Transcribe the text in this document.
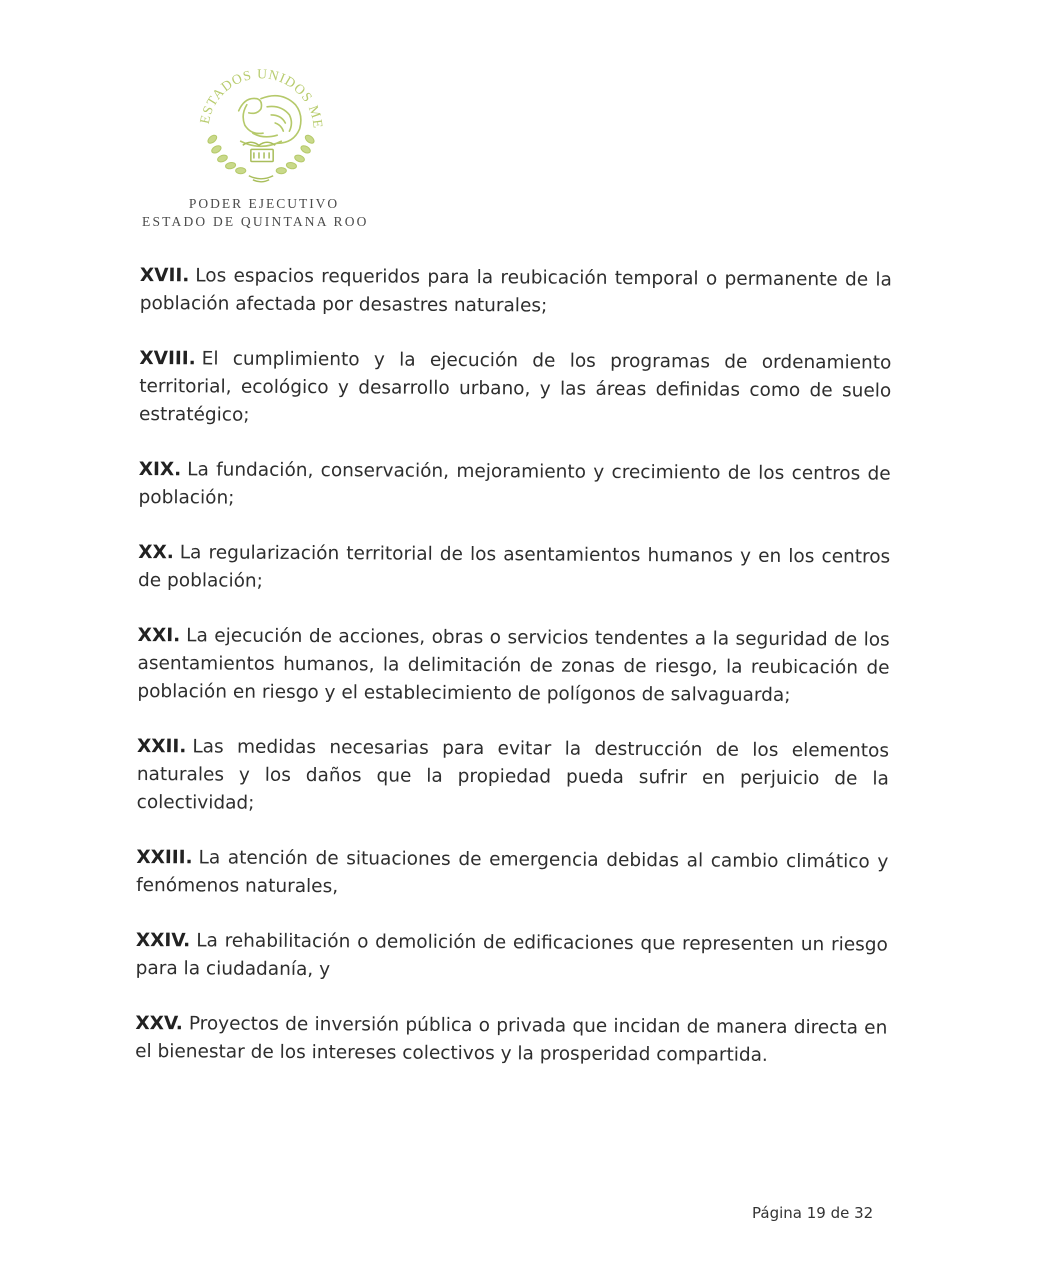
ESTADOS UNIDOS ME
PODER EJECUTIVO
ESTADO DE QUINTANA ROO

XVII. Los espacios requeridos para la reubicación temporal o permanente de la población afectada por desastres naturales;

XVIII. El cumplimiento y la ejecución de los programas de ordenamiento territorial, ecológico y desarrollo urbano, y las áreas definidas como de suelo estratégico;

XIX. La fundación, conservación, mejoramiento y crecimiento de los centros de población;

XX. La regularización territorial de los asentamientos humanos y en los centros de población;

XXI. La ejecución de acciones, obras o servicios tendentes a la seguridad de los asentamientos humanos, la delimitación de zonas de riesgo, la reubicación de población en riesgo y el establecimiento de polígonos de salvaguarda;

XXII. Las medidas necesarias para evitar la destrucción de los elementos naturales y los daños que la propiedad pueda sufrir en perjuicio de la colectividad;

XXIII. La atención de situaciones de emergencia debidas al cambio climático y fenómenos naturales,

XXIV. La rehabilitación o demolición de edificaciones que representen un riesgo para la ciudadanía, y

XXV. Proyectos de inversión pública o privada que incidan de manera directa en el bienestar de los intereses colectivos y la prosperidad compartida.

Página 19 de 32
